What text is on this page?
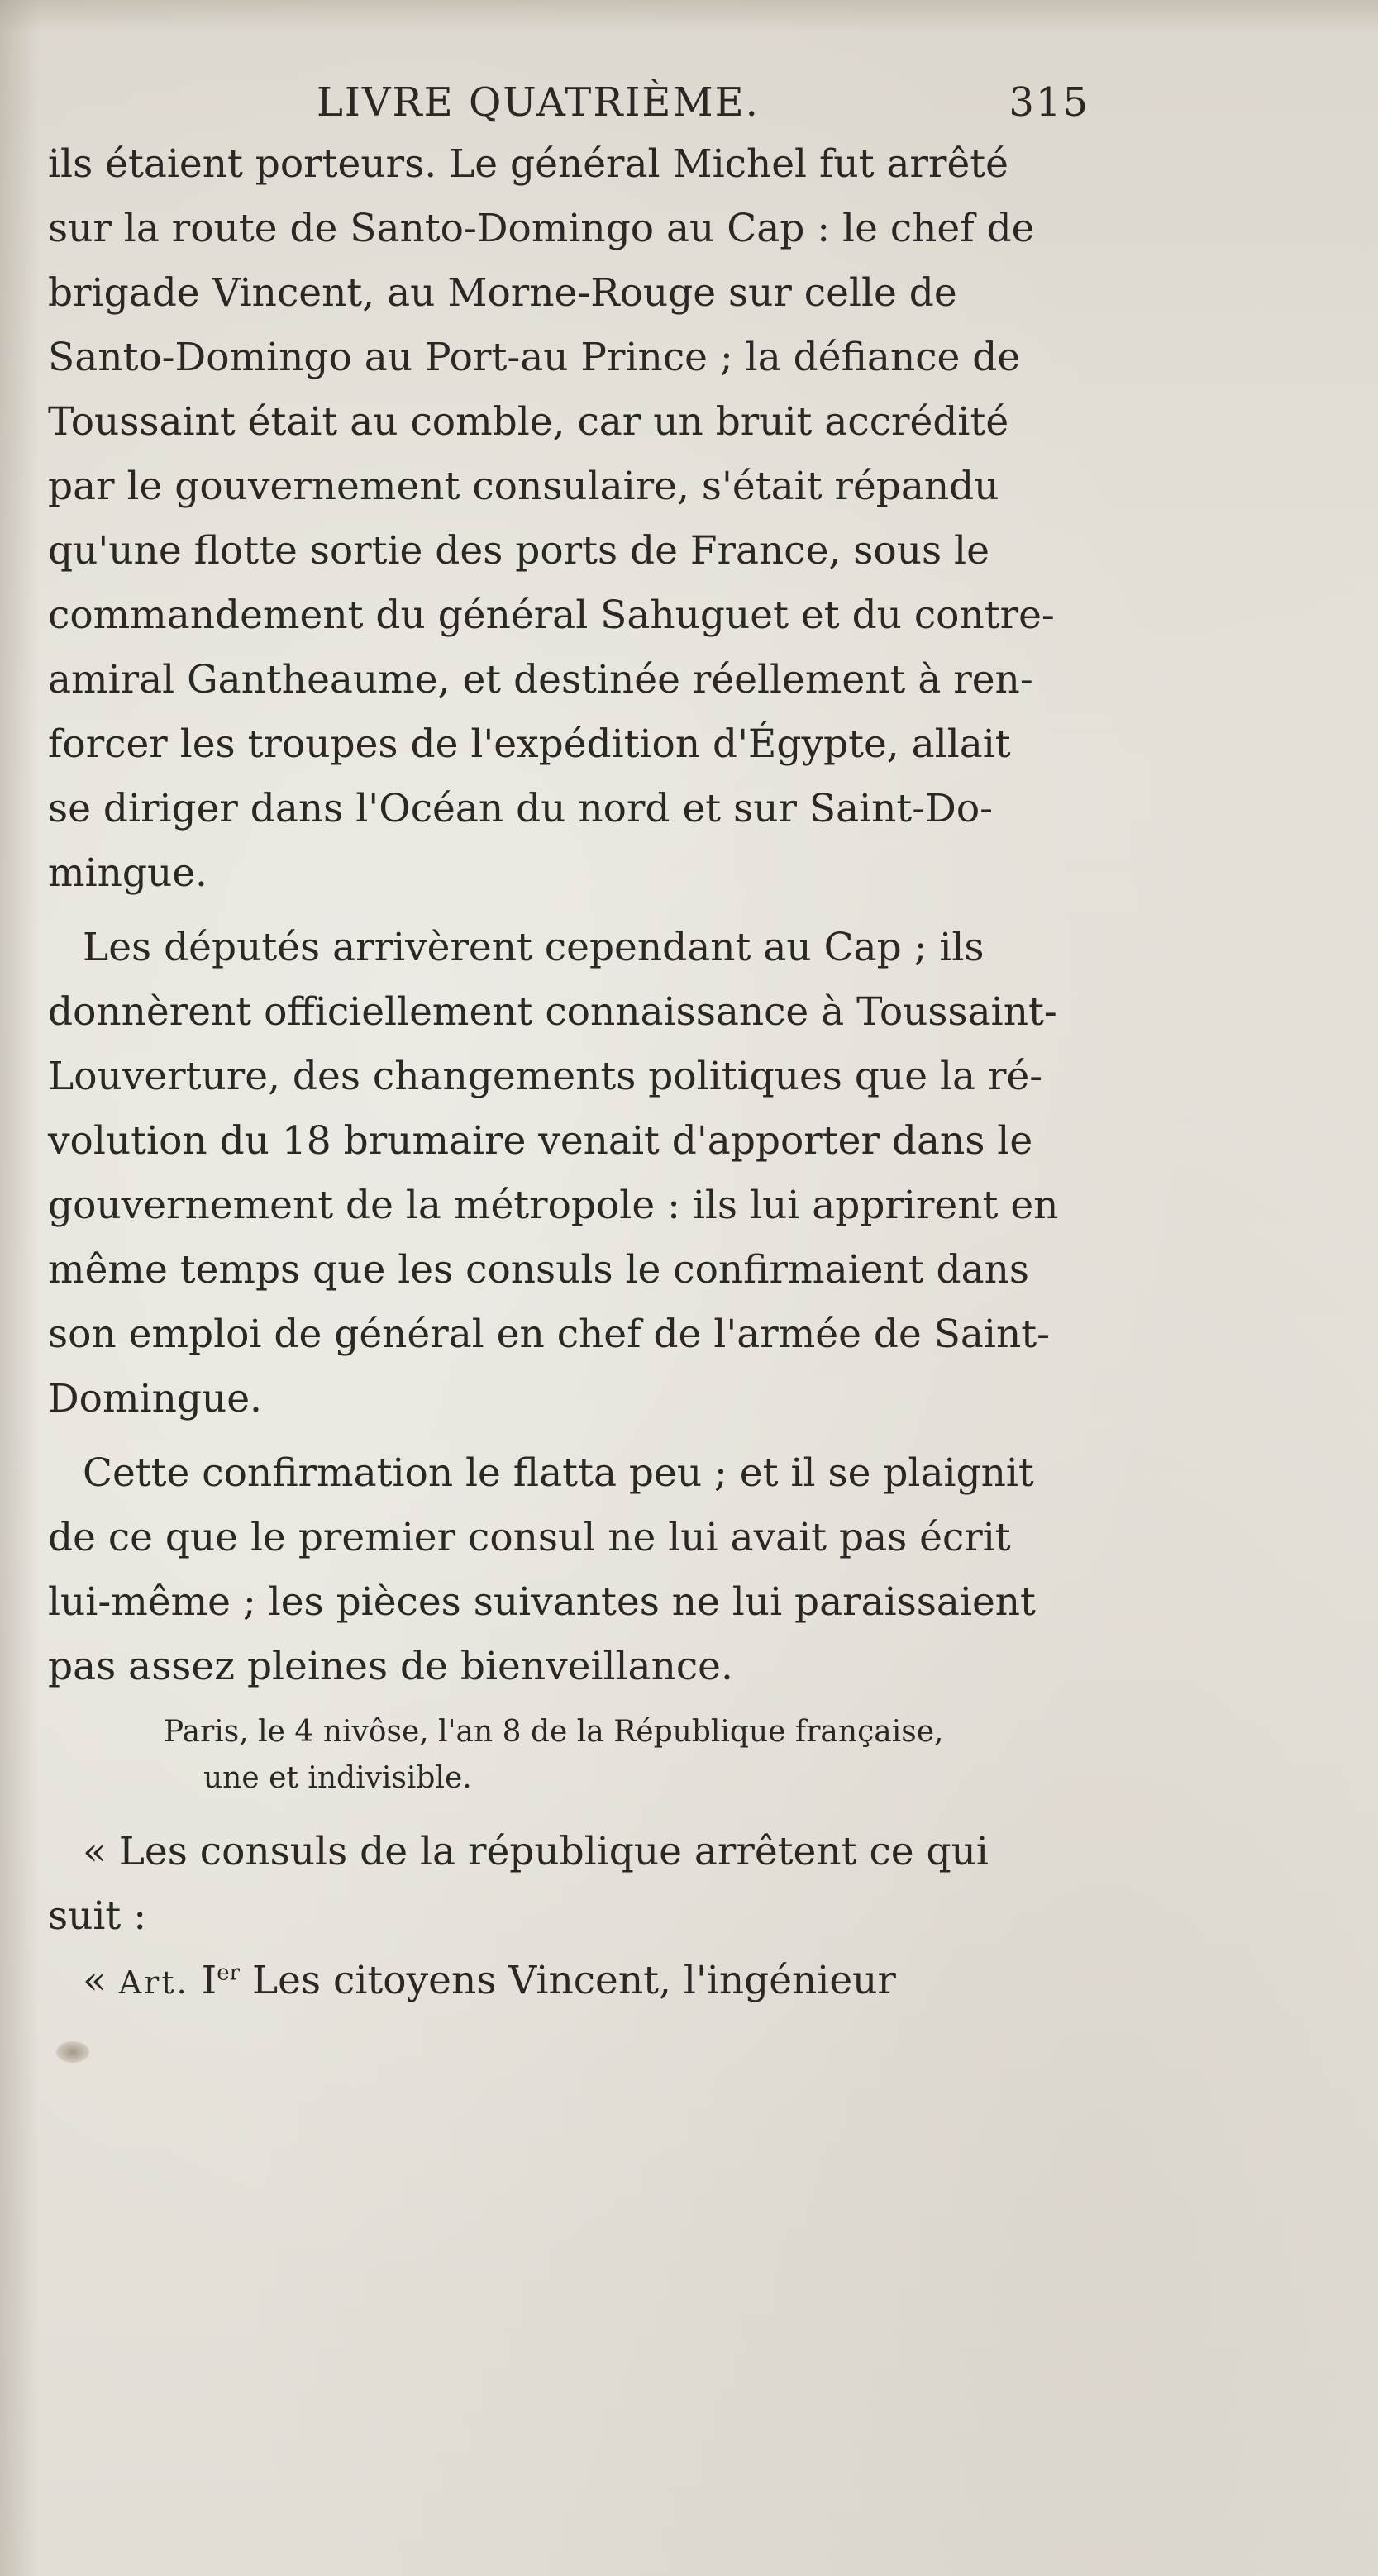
LIVRE QUATRIÈME.	315

ils étaient porteurs. Le général Michel fut arrêté
sur la route de Santo-Domingo au Cap : le chef de
brigade Vincent, au Morne-Rouge sur celle de
Santo-Domingo au Port-au Prince ; la défiance de
Toussaint était au comble, car un bruit accrédité
par le gouvernement consulaire, s'était répandu
qu'une flotte sortie des ports de France, sous le
commandement du général Sahuguet et du contre-
amiral Gantheaume, et destinée réellement à ren-
forcer les troupes de l'expédition d'Égypte, allait
se diriger dans l'Océan du nord et sur Saint-Do-
mingue.

Les députés arrivèrent cependant au Cap ; ils
donnèrent officiellement connaissance à Toussaint-
Louverture, des changements politiques que la ré-
volution du 18 brumaire venait d'apporter dans le
gouvernement de la métropole : ils lui apprirent en
même temps que les consuls le confirmaient dans
son emploi de général en chef de l'armée de Saint-
Domingue.

Cette confirmation le flatta peu ; et il se plaignit
de ce que le premier consul ne lui avait pas écrit
lui-même ; les pièces suivantes ne lui paraissaient
pas assez pleines de bienveillance.

Paris, le 4 nivôse, l'an 8 de la République française,
une et indivisible.

« Les consuls de la république arrêtent ce qui
suit :
« Art. Ier Les citoyens Vincent, l'ingénieur
